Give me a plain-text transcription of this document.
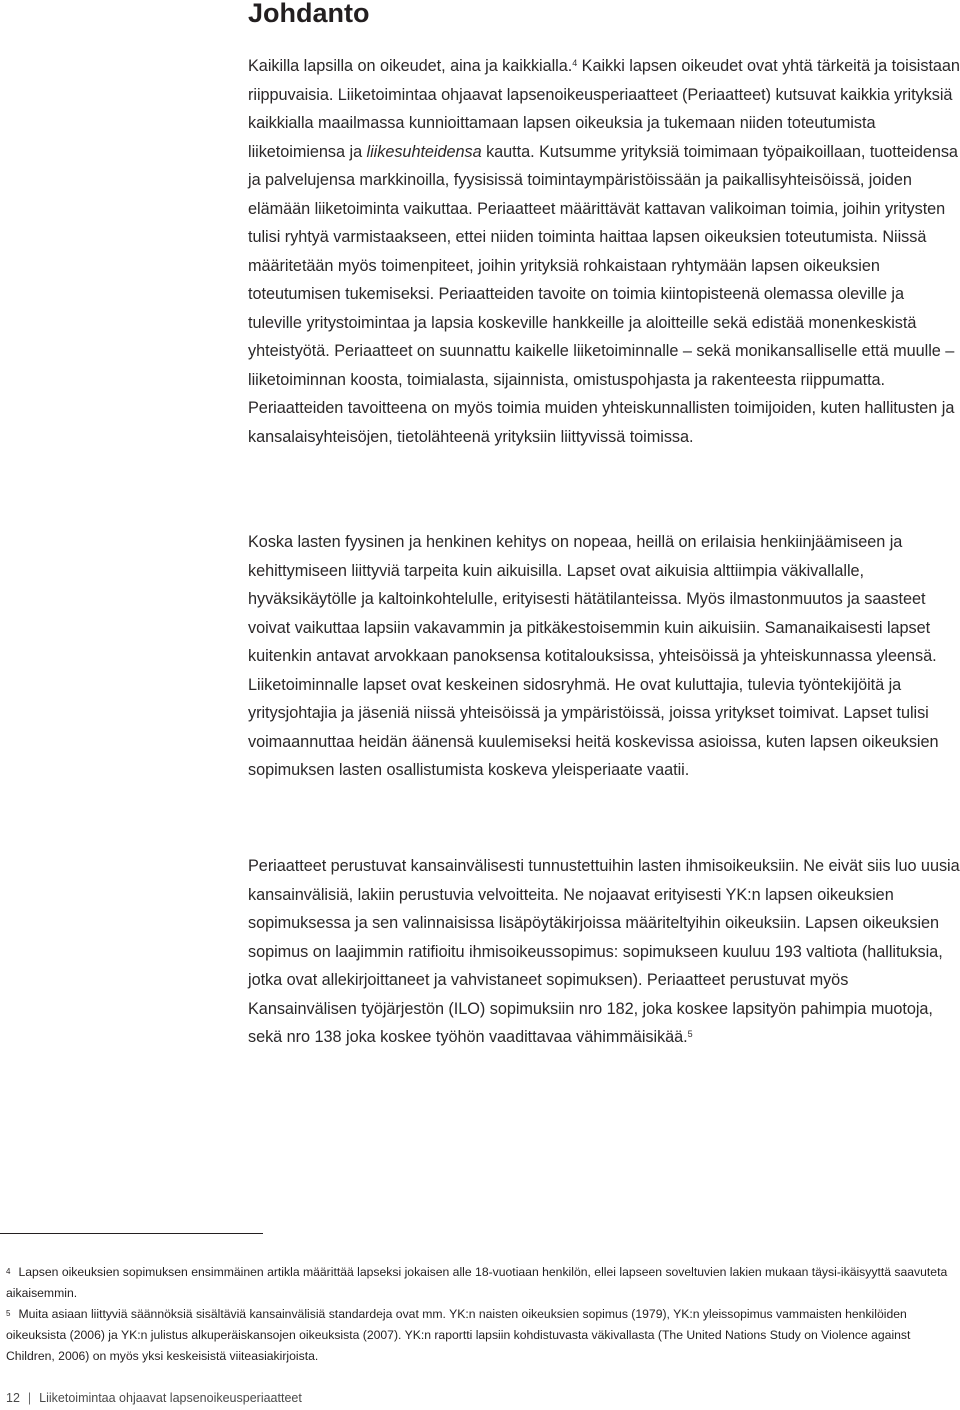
Johdanto

Kaikilla lapsilla on oikeudet, aina ja kaikkialla.$^4$ Kaikki lapsen oikeudet ovat yhtä tärkeitä ja toisistaan riippuvaisia. Liiketoimintaa ohjaavat lapsenoikeusperiaatteet (Periaatteet) kutsuvat kaikkia yrityksiä kaikkialla maailmassa kunnioittamaan lapsen oikeuksia ja tukemaan niiden toteutumista liiketoimiensa ja liikesuhteidensa kautta. Kutsumme yrityksiä toimimaan työpaikoillaan, tuotteidensa ja palvelujensa markkinoilla, fyysisissä toimintaympäristöissään ja paikallisyhteisöissä, joiden elämään liiketoiminta vaikuttaa. Periaatteet määrittävät kattavan valikoiman toimia, joihin yritysten tulisi ryhtyä varmistaakseen, ettei niiden toiminta haittaa lapsen oikeuksien toteutumista. Niissä määritetään myös toimenpiteet, joihin yrityksiä rohkaistaan ryhtymään lapsen oikeuksien toteutumisen tukemiseksi. Periaatteiden tavoite on toimia kiintopisteenä olemassa oleville ja tuleville yritystoimintaa ja lapsia koskeville hankkeille ja aloitteille sekä edistää monenkeskistä yhteistyötä. Periaatteet on suunnattu kaikelle liiketoiminnalle – sekä monikansalliselle että muulle – liiketoiminnan koosta, toimialasta, sijainnista, omistuspohjasta ja rakenteesta riippumatta. Periaatteiden tavoitteena on myös toimia muiden yhteiskunnallisten toimijoiden, kuten hallitusten ja kansalaisyhteisöjen, tietolähteenä yrityksiin liittyvissä toimissa.

Koska lasten fyysinen ja henkinen kehitys on nopeaa, heillä on erilaisia henkiinjäämiseen ja kehittymiseen liittyviä tarpeita kuin aikuisilla. Lapset ovat aikuisia alttiimpia väkivallalle, hyväksikäytölle ja kaltoinkohtelulle, erityisesti hätätilanteissa. Myös ilmastonmuutos ja saasteet voivat vaikuttaa lapsiin vakavammin ja pitkäkestoisemmin kuin aikuisiin. Samanaikaisesti lapset kuitenkin antavat arvokkaan panoksensa kotitalouksissa, yhteisöissä ja yhteiskunnassa yleensä. Liiketoiminnalle lapset ovat keskeinen sidosryhmä. He ovat kuluttajia, tulevia työntekijöitä ja yritysjohtajia ja jäseniä niissä yhteisöissä ja ympäristöissä, joissa yritykset toimivat. Lapset tulisi voimaannuttaa heidän äänensä kuulemiseksi heitä koskevissa asioissa, kuten lapsen oikeuksien sopimuksen lasten osallistumista koskeva yleisperiaate vaatii.

Periaatteet perustuvat kansainvälisesti tunnustettuihin lasten ihmisoikeuksiin. Ne eivät siis luo uusia kansainvälisiä, lakiin perustuvia velvoitteita. Ne nojaavat erityisesti YK:n lapsen oikeuksien sopimuksessa ja sen valinnaisissa lisäpöytäkirjoissa määriteltyihin oikeuksiin. Lapsen oikeuksien sopimus on laajimmin ratifioitu ihmisoikeussopimus: sopimukseen kuuluu 193 valtiota (hallituksia, jotka ovat allekirjoittaneet ja vahvistaneet sopimuksen). Periaatteet perustuvat myös Kansainvälisen työjärjestön (ILO) sopimuksiin nro 182, joka koskee lapsityön pahimpia muotoja, sekä nro 138 joka koskee työhön vaadittavaa vähimmäisikää.$^5$

$^4$ Lapsen oikeuksien sopimuksen ensimmäinen artikla määrittää lapseksi jokaisen alle 18-vuotiaan henkilön, ellei lapseen soveltuvien lakien mukaan täysi-ikäisyyttä saavuteta aikaisemmin.

$^5$ Muita asiaan liittyviä säännöksiä sisältäviä kansainvälisiä standardeja ovat mm. YK:n naisten oikeuksien sopimus (1979), YK:n yleissopimus vammaisten henkilöiden oikeuksista (2006) ja YK:n julistus alkuperäiskansojen oikeuksista (2007). YK:n raportti lapsiin kohdistuvasta väkivallasta (The United Nations Study on Violence against Children, 2006) on myös yksi keskeisistä viiteasiakirjoista.

12 | Liiketoimintaa ohjaavat lapsenoikeusperiaatteet
